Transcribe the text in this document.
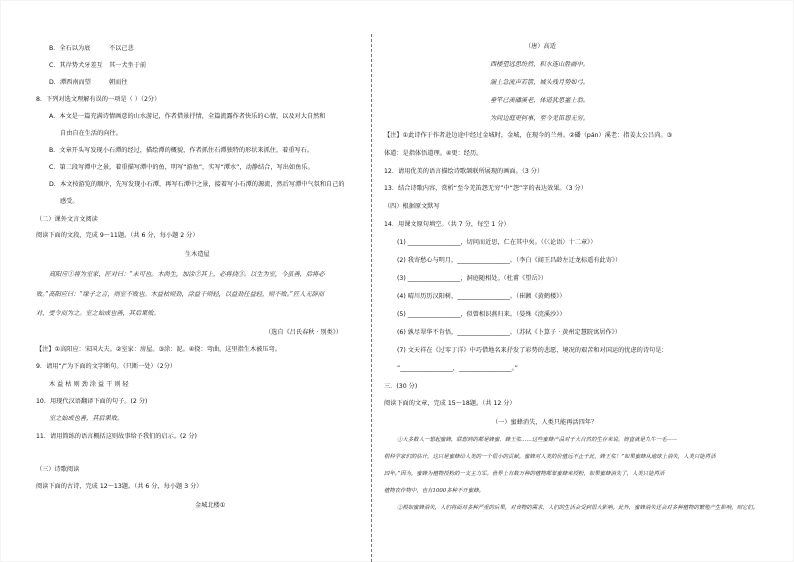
B．全石以为底	不以己悲
C．其岸势犬牙差互 其一犬坐于前
D．潭西南而望	朝而往
8．下列对选文理解有误的一项是（ ）（2分）
A．本文是一篇充满诗情画意的山水游记，作者借景抒情，全篇流露作者快乐的心情，以及对大自然和
自由自在生活的向往。
B．文章开头写发现小石潭的经过，描绘潭的概貌，作者抓住石潭独特的形状来抓住，着重写石。
C．第二段写潭中之景，着重描写潭中的鱼，明写“游鱼”，实写“潭水”，动静结合，写出如鱼乐。
D．本文按游览的顺序，先写发现小石潭，再写石潭中之景，接着写小石潭的源流，然后写潭中气氛和自己的
感受。
（二）课外文言文阅读
阅读下面的文段，完成 9～11题。（共 6 分，每小题 2 分）
生木造屋
高阳应①将为室家，匠对曰：“未可也。木尚生，加涂②其上，必将挠③。以生为室，今虽善，后将必
败。”高阳应曰：“缘子之言，则室不败也。木益枯则劲，涂益干则轻，以益劲任益轻，则不败。”匠人无辞而
对，受令而为之。室之始成也善，其后果败。
（选自《吕氏春秋 · 别类》）
【注】①高阳应：宋国大夫。②室家：房屋。③涂：泥。④挠：弯曲，这里指生木被压弯。
9．请用“/”为下面的文字断句。（只断一处）（2分）
木 益 枯 则 劲 涂 益 干 则 轻
10．用现代汉语翻译下面的句子。(2 分)
室之始成也善，其后果败。
11．请用简练的语言概括这则故事给予我们的启示。(2 分)
（三）诗歌阅读
阅读下面的古诗，完成 12～13题。（共 6 分，每小题 3 分）
金城北楼①
（唐）高适
西楼望远思纷然，积水连山胜画中。
湍上急流声若箭，城头残月势如弓。
垂竿已羡磻溪老，体道犹思塞上翁。
为问边庭更何事，至今羌笛怨无穷。
【注】①此诗作于作者赴边途中经过金城时，金城，在现今的兰州。②磻（pán）溪老：指姜太公吕尚。③
体道：是指体悟道理。④更：经历。
12．请用优美的语言描绘诗歌颔联所展现的画面。（3 分）
13．结合诗歌内容，赏析“至今羌笛怨无穷”中“怨”字的表达效果。（3 分）
（四）根据原文默写
14．用课文原句填空。（共 7 分，每空 1 分）
(1) _________________，切问而近思，仁在其中矣。（《〈论语〉十二章》）
(2) 我寄愁心与明月，_________________。（李白《闻王昌龄左迁龙标遥有此寄》）
(3) _________________，洞庭随相处。（杜甫《望岳》）
(4) 晴川历历汉阳树，_________________。（崔颢《黄鹤楼》）
(5) _________________，似曾相识燕归来。（晏殊《浣溪沙》）
(6) 孰尽翠华不肯悟，_________________。（苏轼《卜算子 · 黄州定慧院寓居作》）
(7) 文天祥在《过零丁洋》中巧借地名来抒发了彩势的悲愿、境况的艰苦和对国运的忧虑的诗句是：
“_________________，_________________。”
三．(30 分)
阅读下面的文章，完成 15～18题。（共 12 分）
（一）蜜蜂消失，人类只能再活四年？
①大多数人一想起蜜蜂，联想到的都是蜂蜜、蜂王浆……这些蜜蜂产品对于大自然的生存来说，简直就是九牛一毛——
根科学家们的估计，这只是蜜蜂给人类的一个很小的贡献。蜜蜂对人类的价值远不止于此，蜂王浆！”如果蜜蜂从地球上消失，人类只能再活
四年。”因为，蜜蜂为植物授粉的一支主力军。世界上有数万种的植物都靠蜜蜂来授粉，如果蜜蜂消失了，人类只能再活
植物农作物中，也有1000多种不开蜜蜂。
②根如蜜蜂消失，人们将面对多种严重的后果，对食物的需求，人们的生活会受到很大影响。此外，蜜蜂消失还会对多种植物的繁殖产生影响，则它们。
